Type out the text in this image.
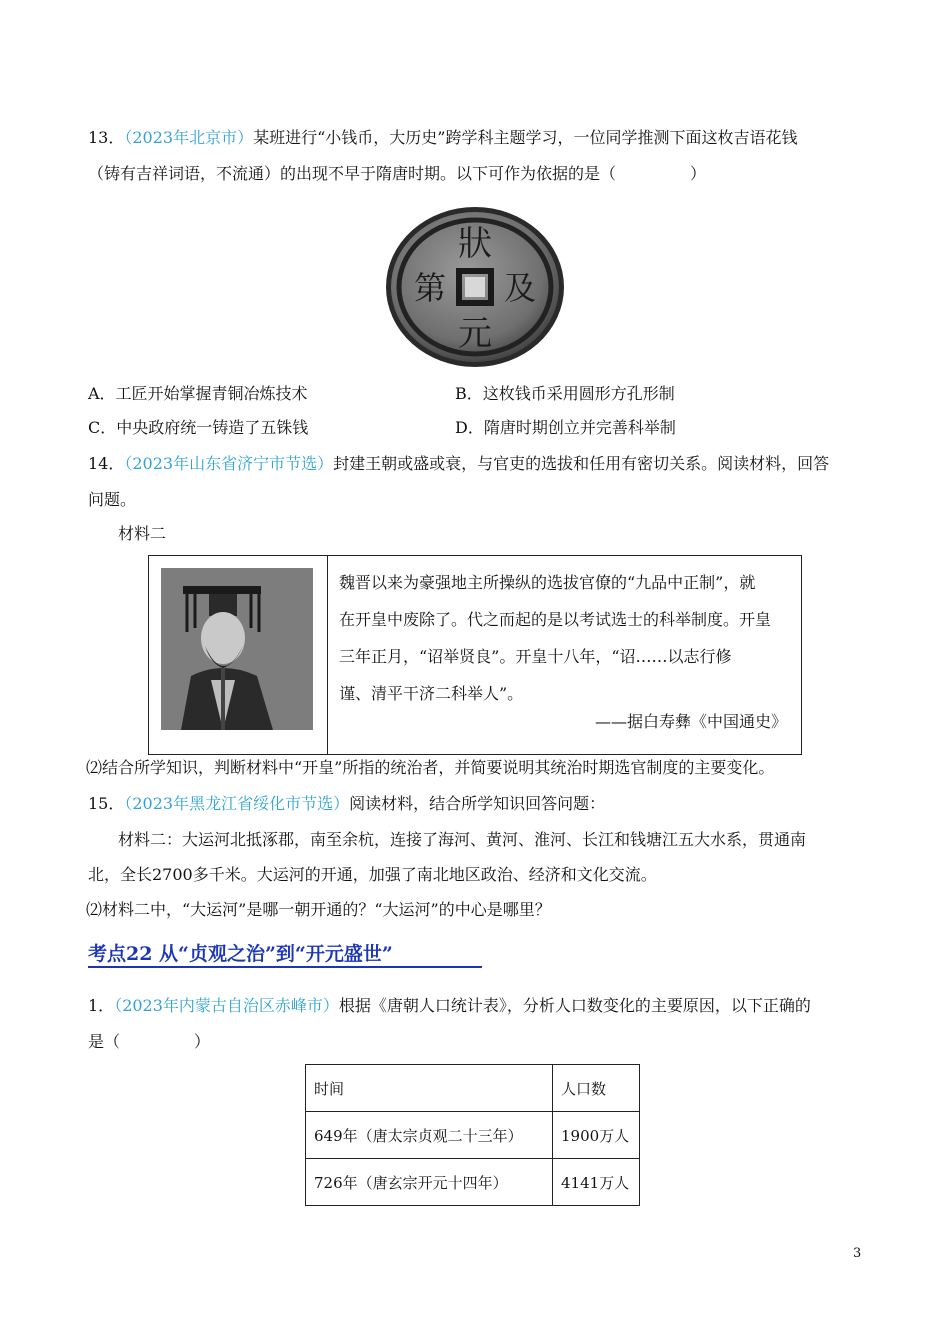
13．（2023年北京市）某班进行“小钱币，大历史”跨学科主题学习，一位同学推测下面这枚吉语花钱
（铸有吉祥词语，不流通）的出现不早于隋唐时期。以下可作为依据的是（	）
狀
元
第 及
A．工匠开始掌握青铜冶炼技术	B．这枚钱币采用圆形方孔形制
C．中央政府统一铸造了五铢钱	D．隋唐时期创立并完善科举制
14．（2023年山东省济宁市节选）封建王朝或盛或衰，与官吏的选拔和任用有密切关系。阅读材料，回答
问题。
材料二
魏晋以来为豪强地主所操纵的选拔官僚的“九品中正制”，就
在开皇中废除了。代之而起的是以考试选士的科举制度。开皇
三年正月，“诏举贤良”。开皇十八年，“诏……以志行修
谨、清平干济二科举人”。
——据白寿彝《中国通史》
⑵结合所学知识，判断材料中“开皇”所指的统治者，并简要说明其统治时期选官制度的主要变化。
15．（2023年黑龙江省绥化市节选）阅读材料，结合所学知识回答问题：
材料二：大运河北抵涿郡，南至余杭，连接了海河、黄河、淮河、长江和钱塘江五大水系，贯通南
北，全长2700多千米。大运河的开通，加强了南北地区政治、经济和文化交流。
⑵材料二中，“大运河”是哪一朝开通的？“大运河”的中心是哪里？
考点22 从“贞观之治”到“开元盛世”
1．（2023年内蒙古自治区赤峰市）根据《唐朝人口统计表》，分析人口数变化的主要原因，以下正确的
是（	）
时间	人口数
649年（唐太宗贞观二十三年）	1900万人
726年（唐玄宗开元十四年）	4141万人
3
